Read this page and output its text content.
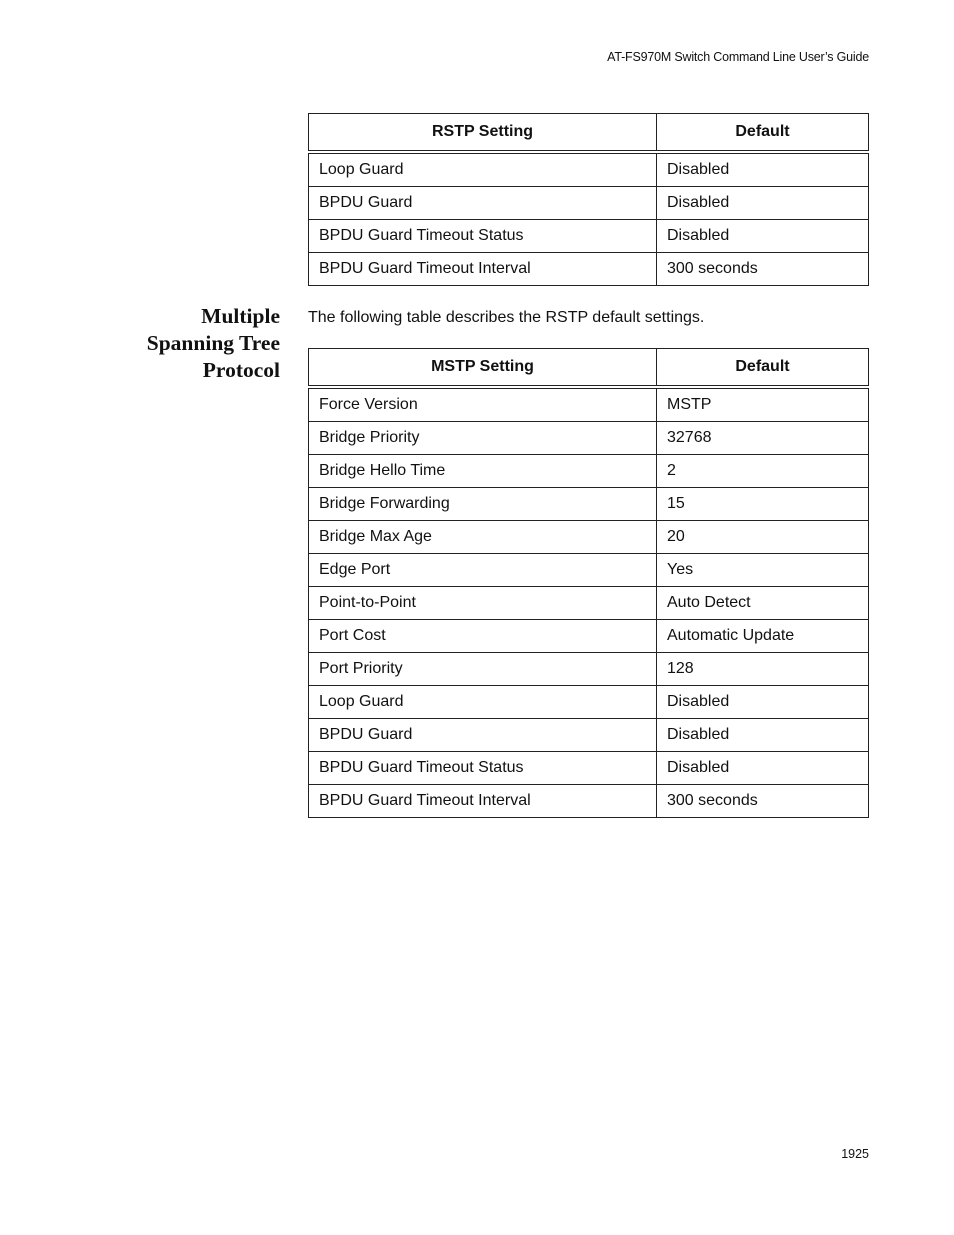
AT-FS970M Switch Command Line User’s Guide
RSTP Setting	Default
Loop Guard	Disabled
BPDU Guard	Disabled
BPDU Guard Timeout Status	Disabled
BPDU Guard Timeout Interval	300 seconds
Multiple
Spanning Tree
Protocol
The following table describes the RSTP default settings.
MSTP Setting	Default
Force Version	MSTP
Bridge Priority	32768
Bridge Hello Time	2
Bridge Forwarding	15
Bridge Max Age	20
Edge Port	Yes
Point-to-Point	Auto Detect
Port Cost	Automatic Update
Port Priority	128
Loop Guard	Disabled
BPDU Guard	Disabled
BPDU Guard Timeout Status	Disabled
BPDU Guard Timeout Interval	300 seconds
1925
